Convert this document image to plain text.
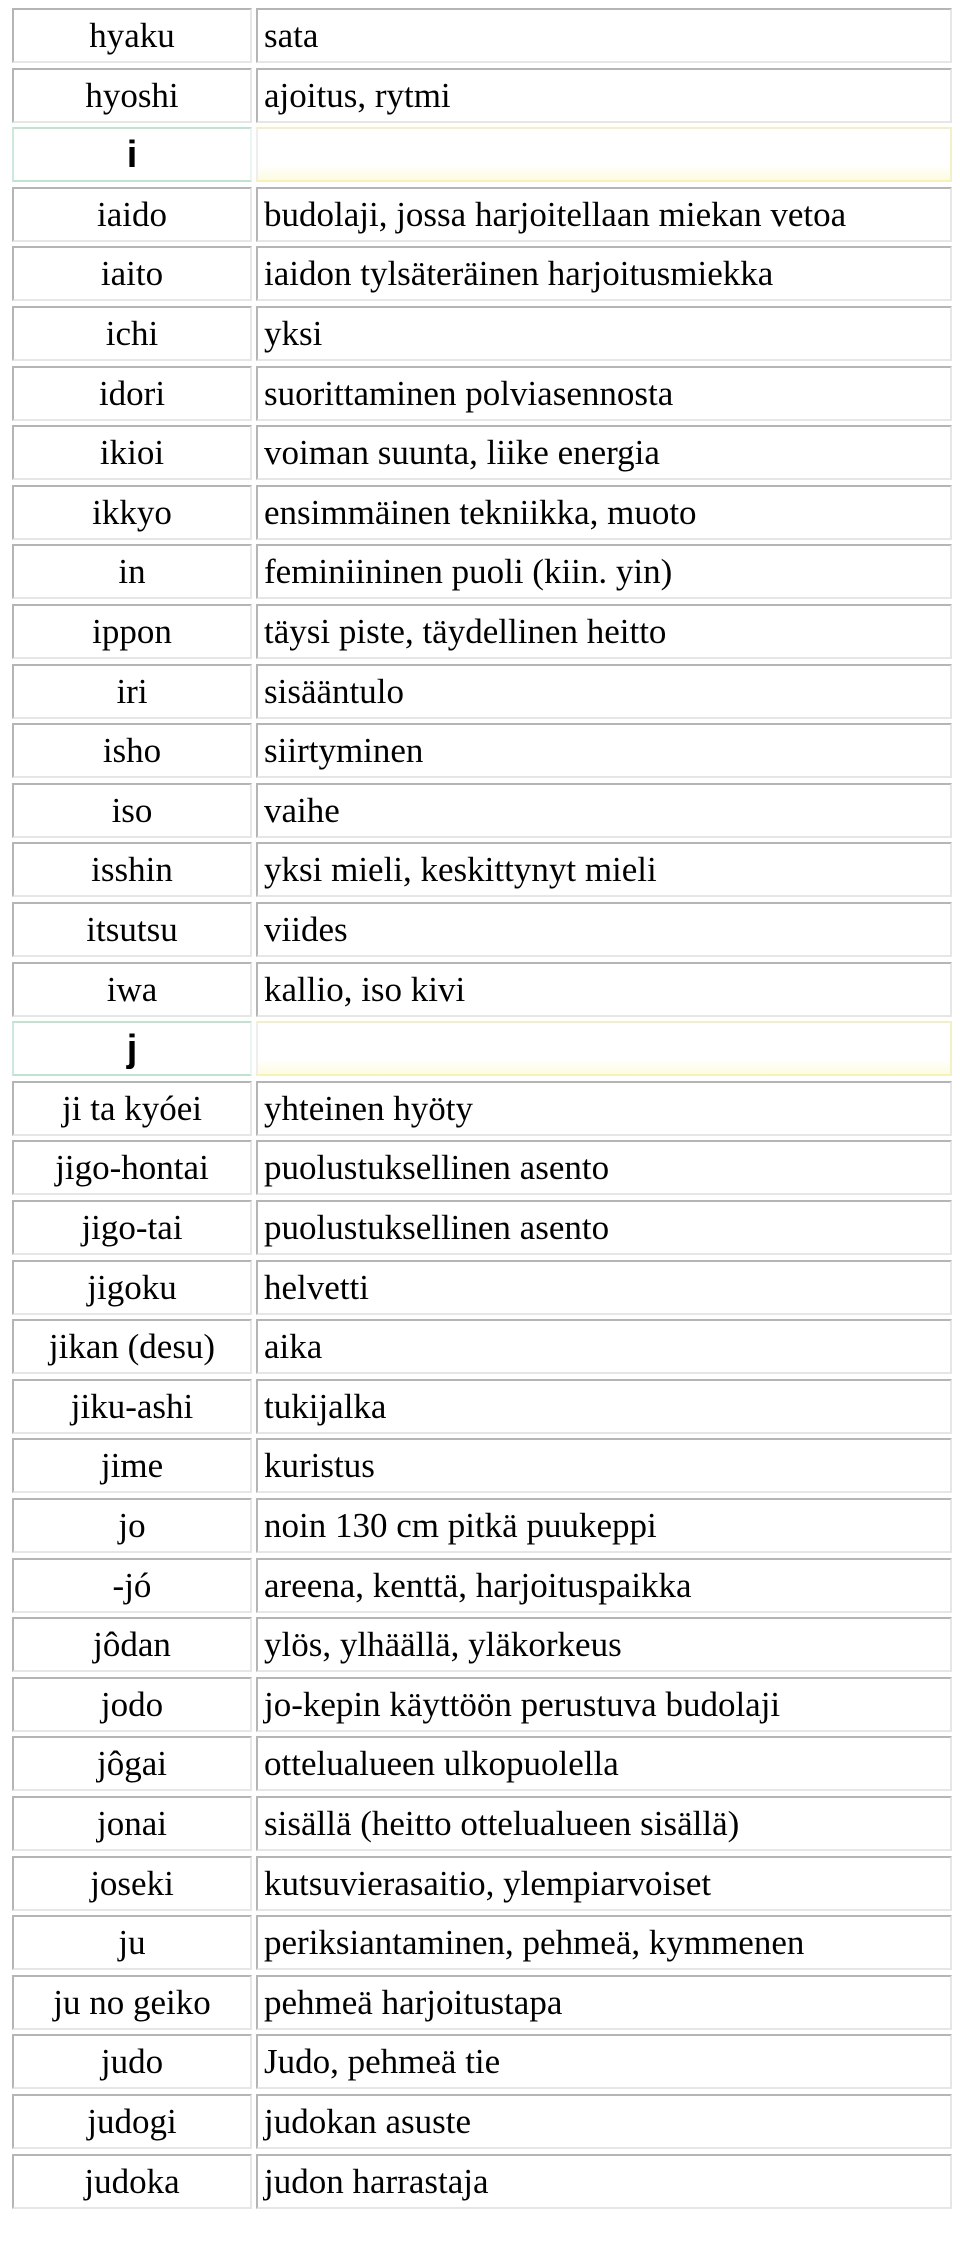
hyaku	sata
hyoshi	ajoitus, rytmi
i
iaido	budolaji, jossa harjoitellaan miekan vetoa
iaito	iaidon tylsäteräinen harjoitusmiekka
ichi	yksi
idori	suorittaminen polviasennosta
ikioi	voiman suunta, liike energia
ikkyo	ensimmäinen tekniikka, muoto
in	feminiininen puoli (kiin. yin)
ippon	täysi piste, täydellinen heitto
iri	sisääntulo
isho	siirtyminen
iso	vaihe
isshin	yksi mieli, keskittynyt mieli
itsutsu	viides
iwa	kallio, iso kivi
j
ji ta kyóei	yhteinen hyöty
jigo-hontai	puolustuksellinen asento
jigo-tai	puolustuksellinen asento
jigoku	helvetti
jikan (desu)	aika
jiku-ashi	tukijalka
jime	kuristus
jo	noin 130 cm pitkä puukeppi
-jó	areena, kenttä, harjoituspaikka
jôdan	ylös, ylhäällä, yläkorkeus
jodo	jo-kepin käyttöön perustuva budolaji
jôgai	ottelualueen ulkopuolella
jonai	sisällä (heitto ottelualueen sisällä)
joseki	kutsuvierasaitio, ylempiarvoiset
ju	periksiantaminen, pehmeä, kymmenen
ju no geiko	pehmeä harjoitustapa
judo	Judo, pehmeä tie
judogi	judokan asuste
judoka	judon harrastaja
